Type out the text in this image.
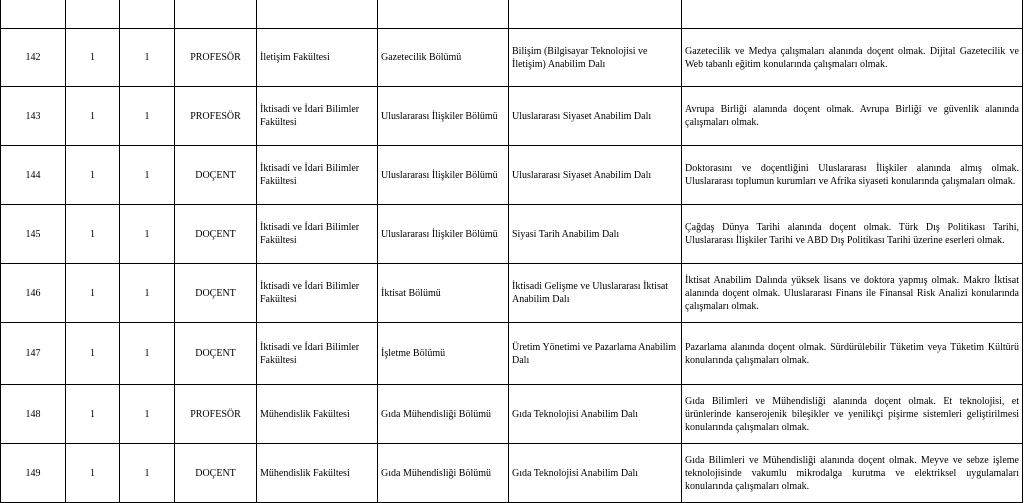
142	1	1	PROFESÖR	İletişim Fakültesi	Gazetecilik Bölümü	Bilişim (Bilgisayar Teknolojisi ve İletişim) Anabilim Dalı	Gazetecilik ve Medya çalışmaları alanında doçent olmak. Dijital Gazetecilik ve Web tabanlı eğitim konularında çalışmaları olmak.
143	1	1	PROFESÖR	İktisadi ve İdari Bilimler Fakültesi	Uluslararası İlişkiler Bölümü	Uluslararası Siyaset Anabilim Dalı	Avrupa Birliği alanında doçent olmak. Avrupa Birliği ve güvenlik alanında çalışmaları olmak.
144	1	1	DOÇENT	İktisadi ve İdari Bilimler Fakültesi	Uluslararası İlişkiler Bölümü	Uluslararası Siyaset Anabilim Dalı	Doktorasını ve doçentliğini Uluslararası İlişkiler alanında almış olmak. Uluslararası toplumun kurumları ve Afrika siyaseti konularında çalışmaları olmak.
145	1	1	DOÇENT	İktisadi ve İdari Bilimler Fakültesi	Uluslararası İlişkiler Bölümü	Siyasi Tarih Anabilim Dalı	Çağdaş Dünya Tarihi alanında doçent olmak. Türk Dış Politikası Tarihi, Uluslararası İlişkiler Tarihi ve ABD Dış Politikası Tarihi üzerine eserleri olmak.
146	1	1	DOÇENT	İktisadi ve İdari Bilimler Fakültesi	İktisat Bölümü	İktisadi Gelişme ve Uluslararası İktisat Anabilim Dalı	İktisat Anabilim Dalında yüksek lisans ve doktora yapmış olmak. Makro İktisat alanında doçent olmak. Uluslararası Finans ile Finansal Risk Analizi konularında çalışmaları olmak.
147	1	1	DOÇENT	İktisadi ve İdari Bilimler Fakültesi	İşletme Bölümü	Üretim Yönetimi ve Pazarlama Anabilim Dalı	Pazarlama alanında doçent olmak. Sürdürülebilir Tüketim veya Tüketim Kültürü konularında çalışmaları olmak.
148	1	1	PROFESÖR	Mühendislik Fakültesi	Gıda Mühendisliği Bölümü	Gıda Teknolojisi Anabilim Dalı	Gıda Bilimleri ve Mühendisliği alanında doçent olmak. Et teknolojisi, et ürünlerinde kanserojenik bileşikler ve yenilikçi pişirme sistemleri geliştirilmesi konularında çalışmaları olmak.
149	1	1	DOÇENT	Mühendislik Fakültesi	Gıda Mühendisliği Bölümü	Gıda Teknolojisi Anabilim Dalı	Gıda Bilimleri ve Mühendisliği alanında doçent olmak. Meyve ve sebze işleme teknolojisinde vakumlu mikrodalga kurutma ve elektriksel uygulamaları konularında çalışmaları olmak.
